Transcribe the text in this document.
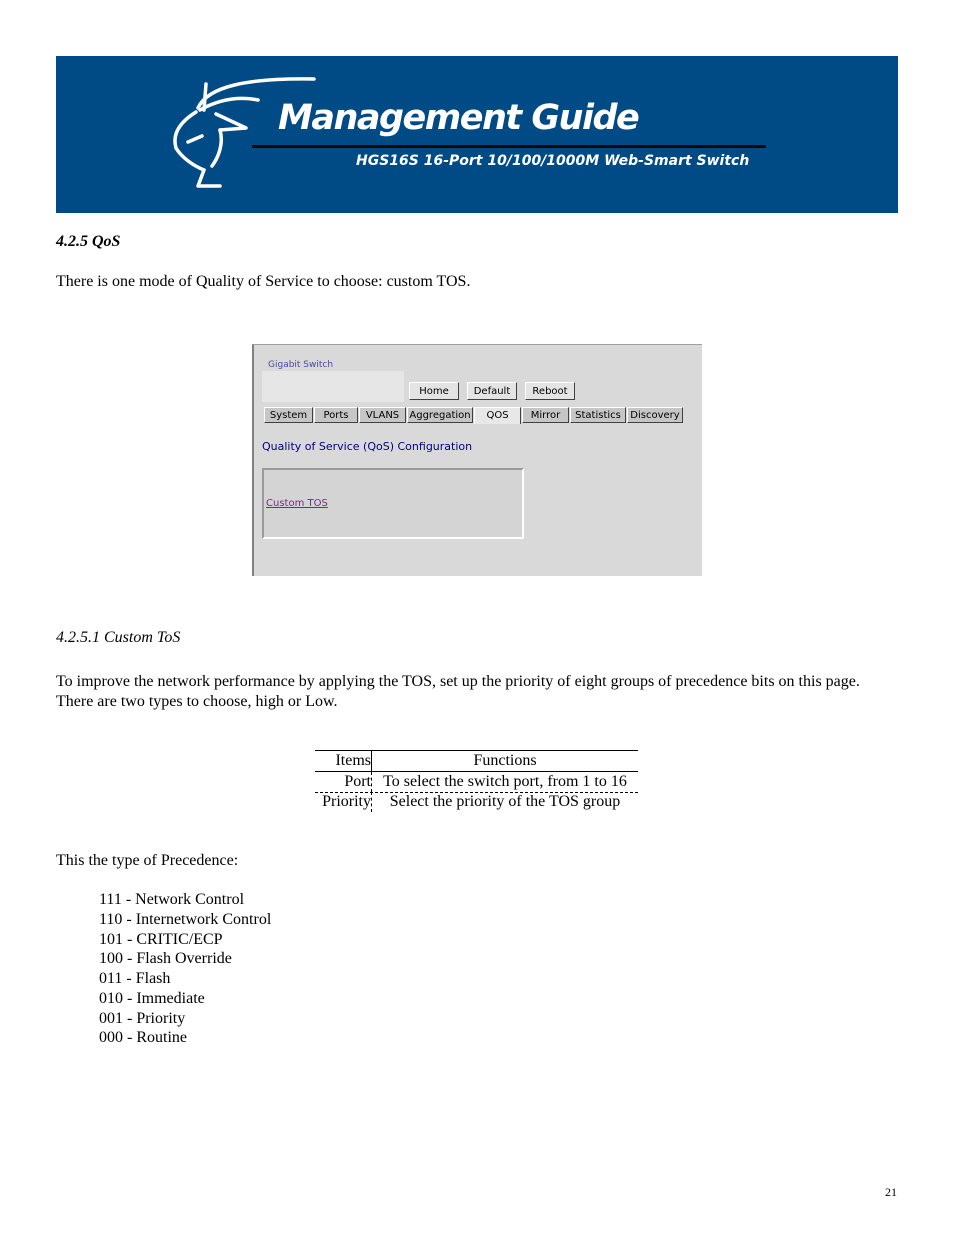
Management Guide
HGS16S 16-Port 10/100/1000M Web-Smart Switch
4.2.5 QoS
There is one mode of Quality of Service to choose: custom TOS.
Gigabit Switch
Home	Default	Reboot
System	Ports	VLANS	Aggregation	QOS	Mirror	Statistics Discovery
Quality of Service (QoS) Configuration
Custom TOS
4.2.5.1 Custom ToS
To improve the network performance by applying the TOS, set up the priority of eight groups of precedence bits on this page. There are two types to choose, high or Low.
Items	Functions
Port To select the switch port, from 1 to 16
Priority	Select the priority of the TOS group
This the type of Precedence:
111 - Network Control
110 - Internetwork Control
101 - CRITIC/ECP
100 - Flash Override
011 - Flash
010 - Immediate
001 - Priority
000 - Routine
21
